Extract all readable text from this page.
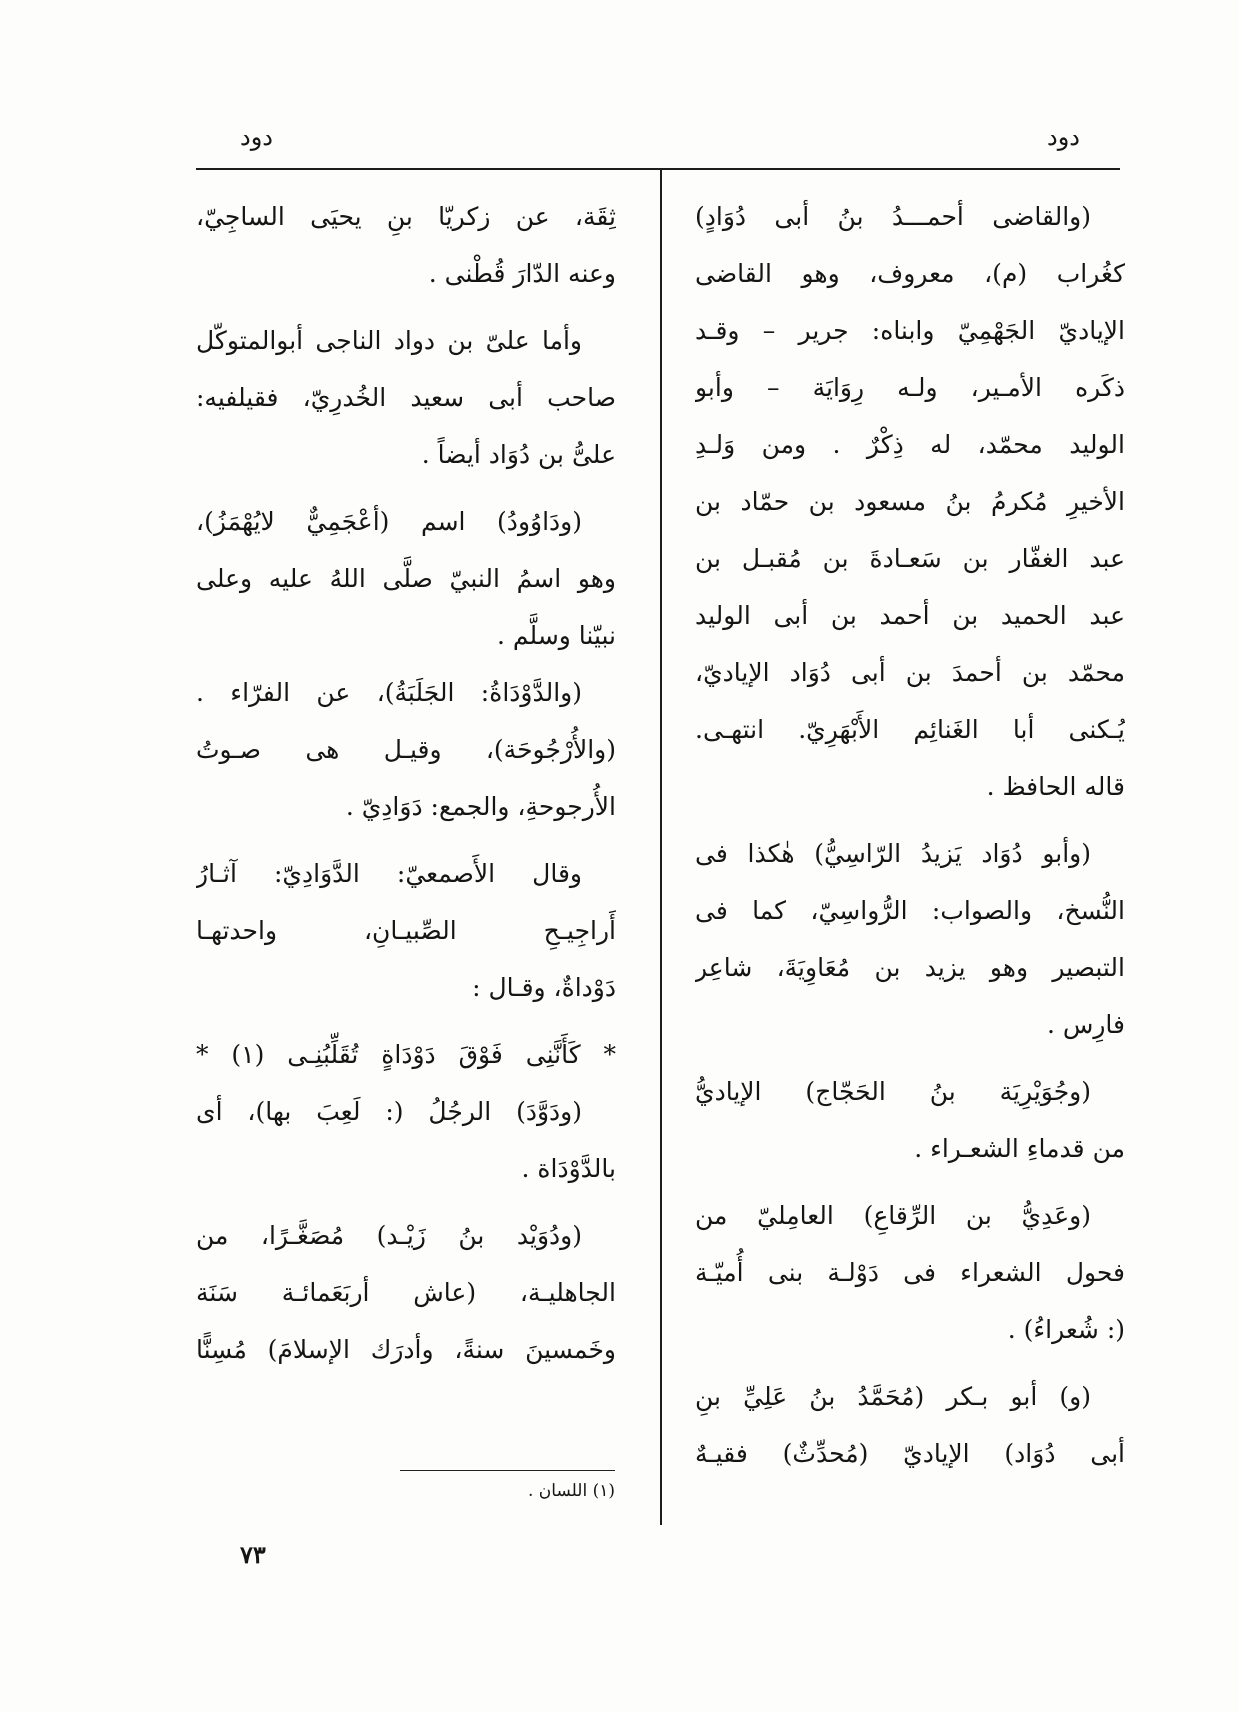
دود
دود
(والقاضى أحمـــدُ بنُ أبى دُوَادٍ)
كغُراب (م)، معروف، وهو القاضى
الإياديّ الجَهْمِيّ وابناه: جرير – وقـد
ذكَره الأمـير، ولـه رِوَايَة – وأبو
الوليد محمّد، له ذِكْرٌ . ومن وَلـدِ
الأخيرِ مُكرمُ بنُ مسعود بن حمّاد بن
عبد الغفّار بن سَعـادةَ بن مُقبـل بن
عبد الحميد بن أحمد بن أبى الوليد
محمّد بن أحمدَ بن أبى دُوَاد الإياديّ،
يُـكنى أبا الغَنائِم الأَبْهَرِيّ. انتهـى.
قاله الحافظ .
(وأبو دُوَاد يَزيدُ الرّاسِيُّ) هٰكذا فى
النُّسخ، والصواب: الرُّواسِيّ، كما فى
التبصير وهو يزيد بن مُعَاوِيَةَ، شاعِر
فارِس .
(وجُوَيْرِيَة بنُ الحَجّاج) الإياديُّ
من قدماءِ الشعـراء .
(وعَدِيُّ بن الرِّقاعِ) العامِليّ من
فحول الشعراء فى دَوْلـة بنى أُميّـة
(: شُعراءُ) .
(و) أبو بـكر (مُحَمَّدُ بنُ عَلِيِّ بنِ
أبى دُوَاد) الإياديّ (مُحدِّثٌ) فقيـهٌ
ثِقَة، عن زكريّا بنِ يحيَى الساجِيّ،
وعنه الدّارَ قُطْنى .
وأما علىّ بن دواد الناجى أبوالمتوكّل
صاحب أبى سعيد الخُدرِيّ، فقيلفيه:
علىُّ بن دُوَاد أيضاً .
(ودَاوُودُ) اسم (أعْجَمِيٌّ لايُهْمَزُ)،
وهو اسمُ النبيّ صلَّى اللهُ عليه وعلى
نبيّنا وسلَّم .
(والدَّوْدَاةُ: الجَلَبَةُ)، عن الفرّاء .
(والأُرْجُوحَة)، وقيـل هى صـوتُ
الأُرجوحةِ، والجمع: دَوَادِيّ .
وقال الأَصمعيّ: الدَّوَادِيّ: آثـارُ
أَراجِيـحِ الصِّبيـانِ، واحدتهـا
دَوْداةٌ، وقـال :
* كَأَنَّنِى فَوْقَ دَوْدَاةٍ تُقَلِّبُنِـى (١) *
(ودَوَّدَ) الرجُلُ (: لَعِبَ بها)، أى
بالدَّوْدَاة .
(ودُوَيْد بنُ زَيْـد) مُصَغَّـرًا، من
الجاهليـة، (عاش أربَعَمائـة سَنَة
وخَمسينَ سنةً، وأدرَك الإسلامَ) مُسِنًّا
(١) اللسان .
٧٣
